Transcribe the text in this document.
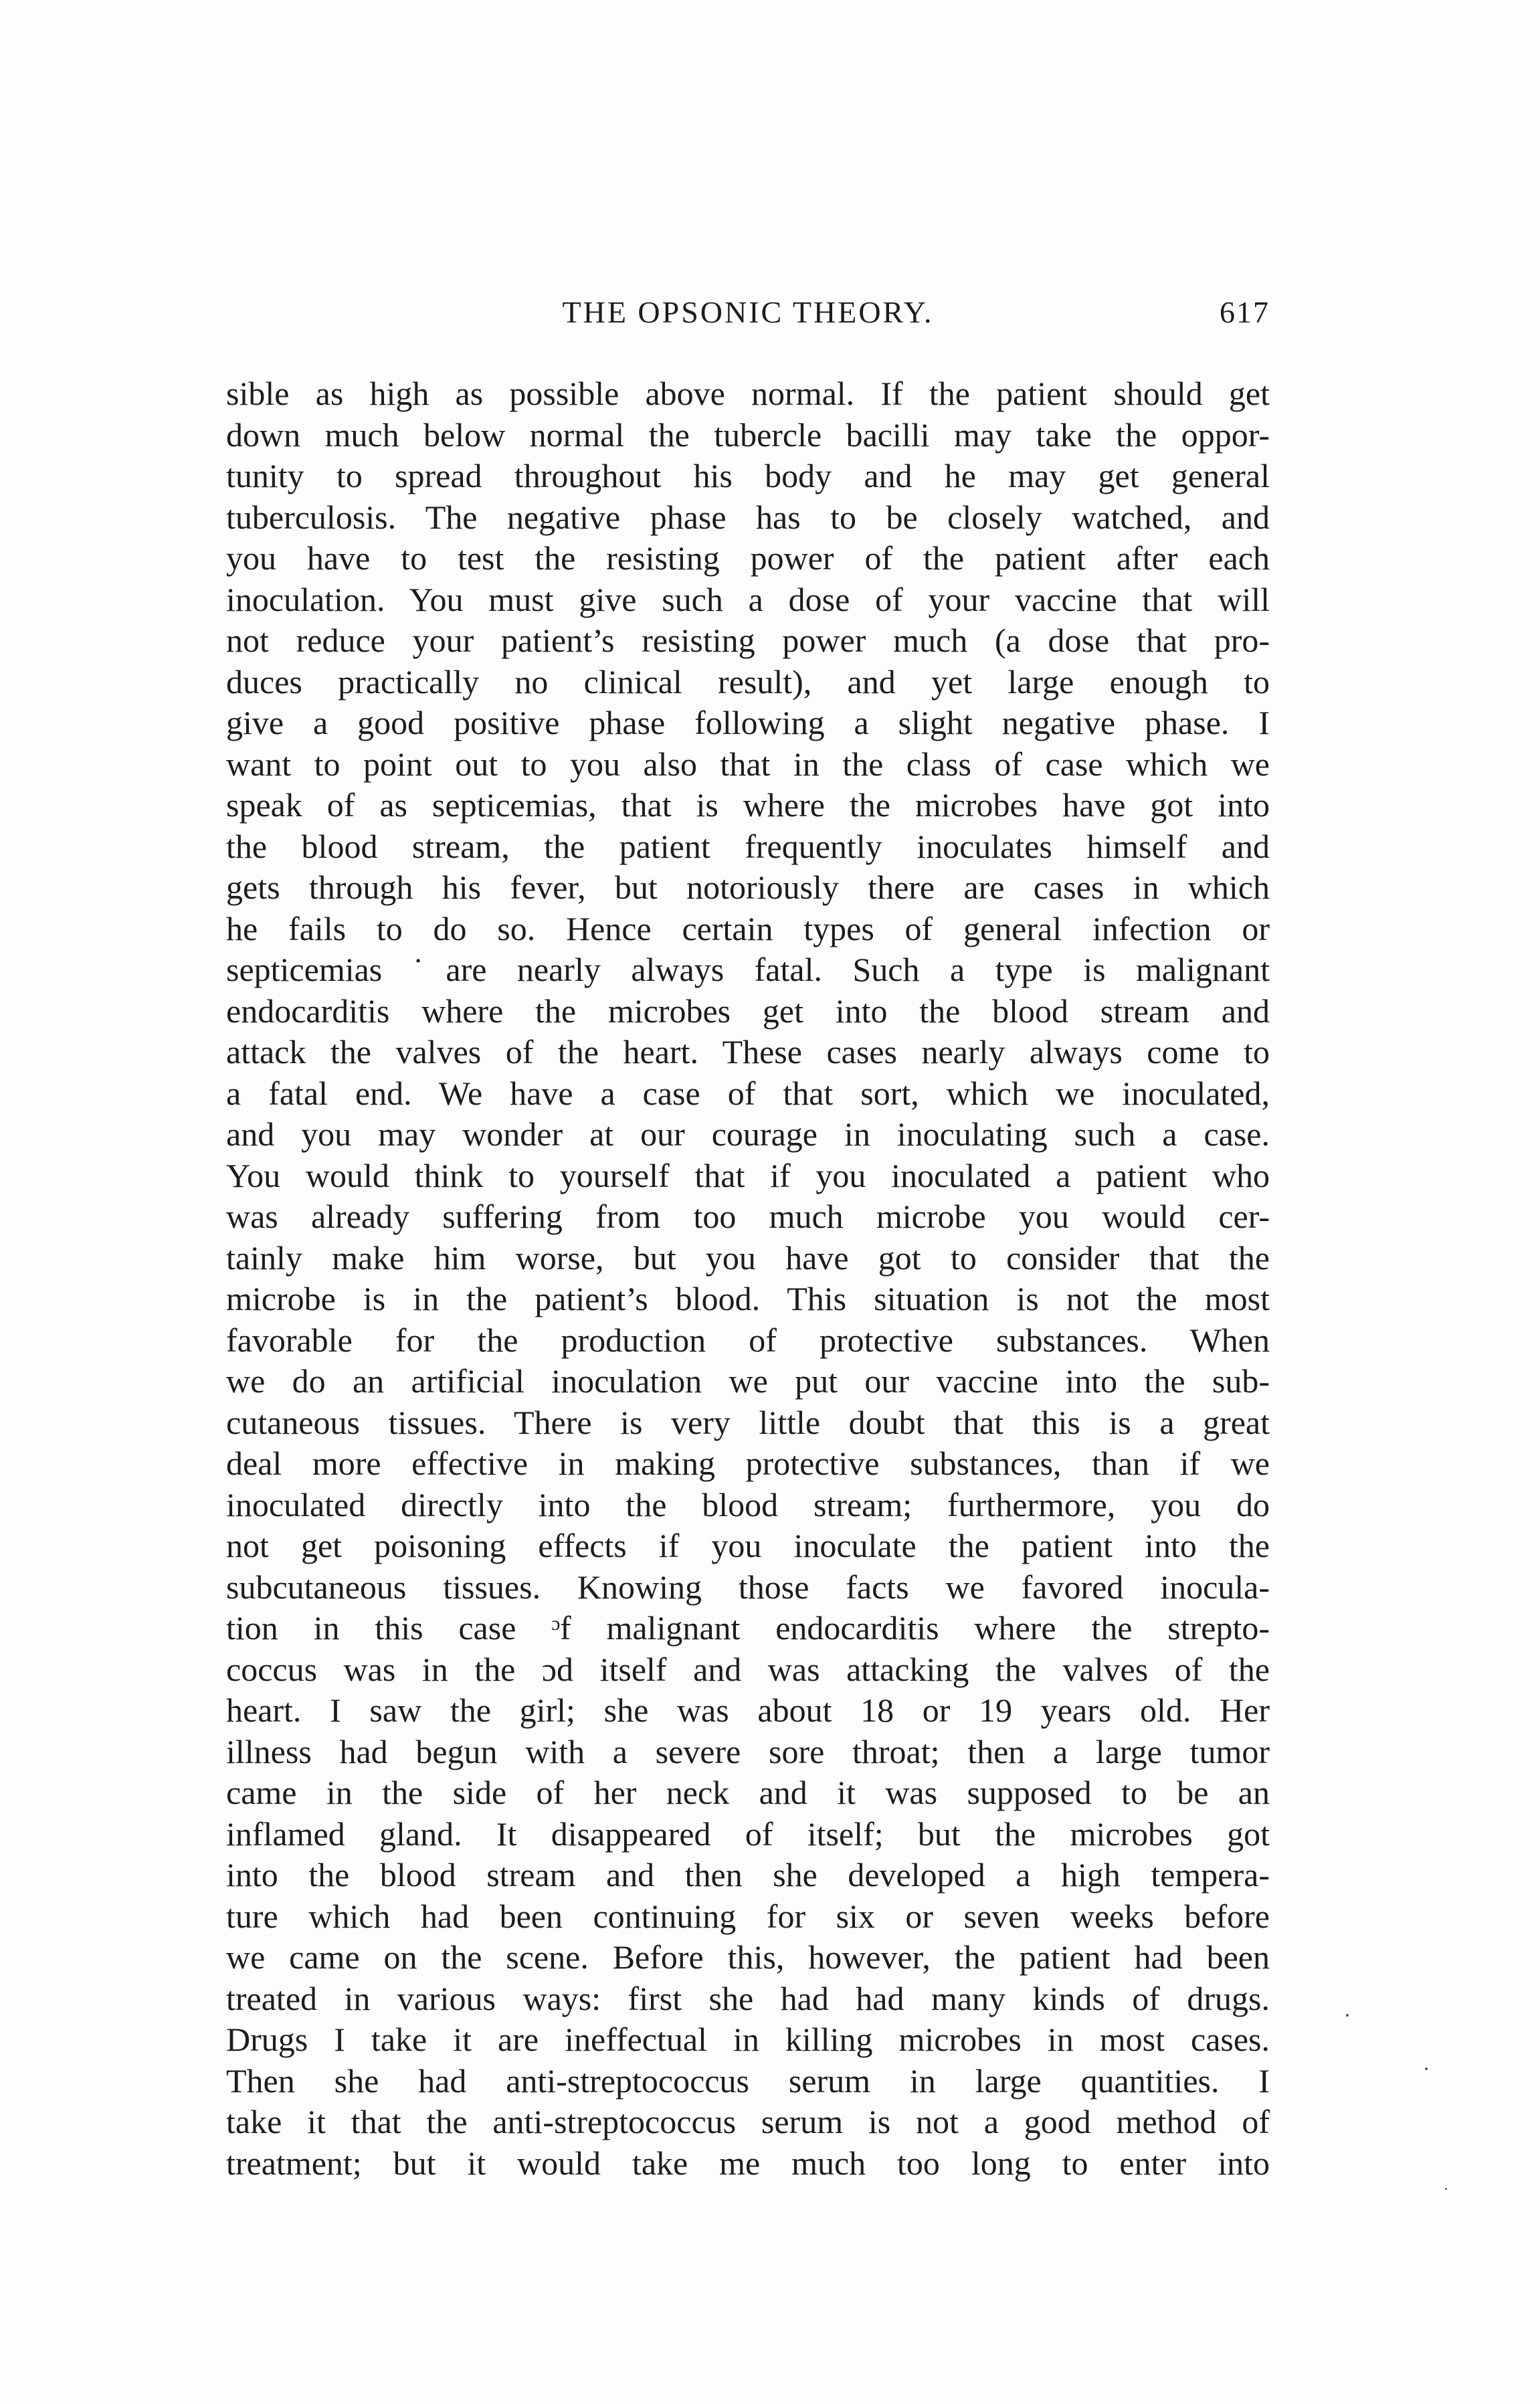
THE OPSONIC THEORY.	617
sible as high as possible above normal. If the patient should get
down much below normal the tubercle bacilli may take the oppor-
tunity to spread throughout his body and he may get general
tuberculosis. The negative phase has to be closely watched, and
you have to test the resisting power of the patient after each
inoculation. You must give such a dose of your vaccine that will
not reduce your patient’s resisting power much (a dose that pro-
duces practically no clinical result), and yet large enough to
give a good positive phase following a slight negative phase. I
want to point out to you also that in the class of case which we
speak of as septicemias, that is where the microbes have got into
the blood stream, the patient frequently inoculates himself and
gets through his fever, but notoriously there are cases in which
he fails to do so. Hence certain types of general infection or
septicemias ˙are nearly always fatal. Such a type is malignant
endocarditis where the microbes get into the blood stream and
attack the valves of the heart. These cases nearly always come to
a fatal end. We have a case of that sort, which we inoculated,
and you may wonder at our courage in inoculating such a case.
You would think to yourself that if you inoculated a patient who
was already suffering from too much microbe you would cer-
tainly make him worse, but you have got to consider that the
microbe is in the patient’s blood. This situation is not the most
favorable for the production of protective substances. When
we do an artificial inoculation we put our vaccine into the sub-
cutaneous tissues. There is very little doubt that this is a great
deal more effective in making protective substances, than if we
inoculated directly into the blood stream; furthermore, you do
not get poisoning effects if you inoculate the patient into the
subcutaneous tissues. Knowing those facts we favored inocula-
tion in this case ᵓf malignant endocarditis where the strepto-
coccus was in the ɔd itself and was attacking the valves of the
heart. I saw the girl; she was about 18 or 19 years old. Her
illness had begun with a severe sore throat; then a large tumor
came in the side of her neck and it was supposed to be an
inflamed gland. It disappeared of itself; but the microbes got
into the blood stream and then she developed a high tempera-
ture which had been continuing for six or seven weeks before
we came on the scene. Before this, however, the patient had been
treated in various ways: first she had had many kinds of drugs.
Drugs I take it are ineffectual in killing microbes in most cases.
Then she had anti-streptococcus serum in large quantities. I
take it that the anti-streptococcus serum is not a good method of
treatment; but it would take me much too long to enter into
